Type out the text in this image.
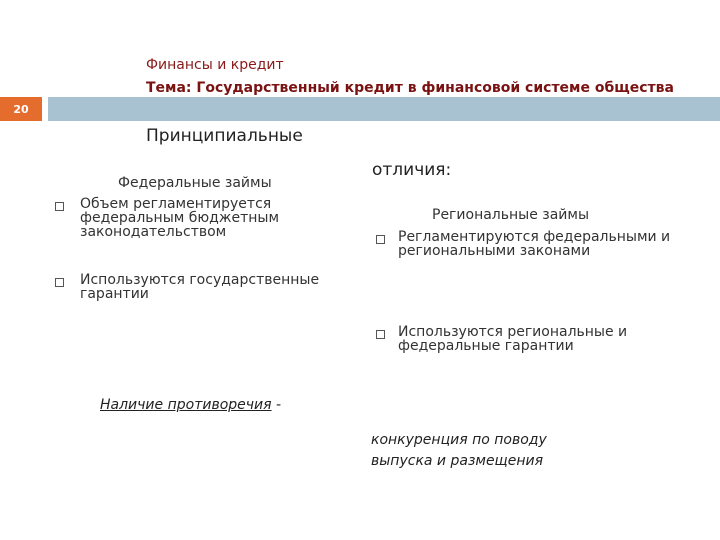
Финансы и кредит
Тема: Государственный кредит в финансовой системе общества
20
Принципиальные
отличия:
Федеральные займы
Объем регламентируется федеральным бюджетным законодательством
Используются государственные гарантии
Региональные займы
Регламентируются федеральными и региональными законами
Используются региональные и федеральные гарантии
Наличие противоречия -
конкуренция по поводу
выпуска и размещения
